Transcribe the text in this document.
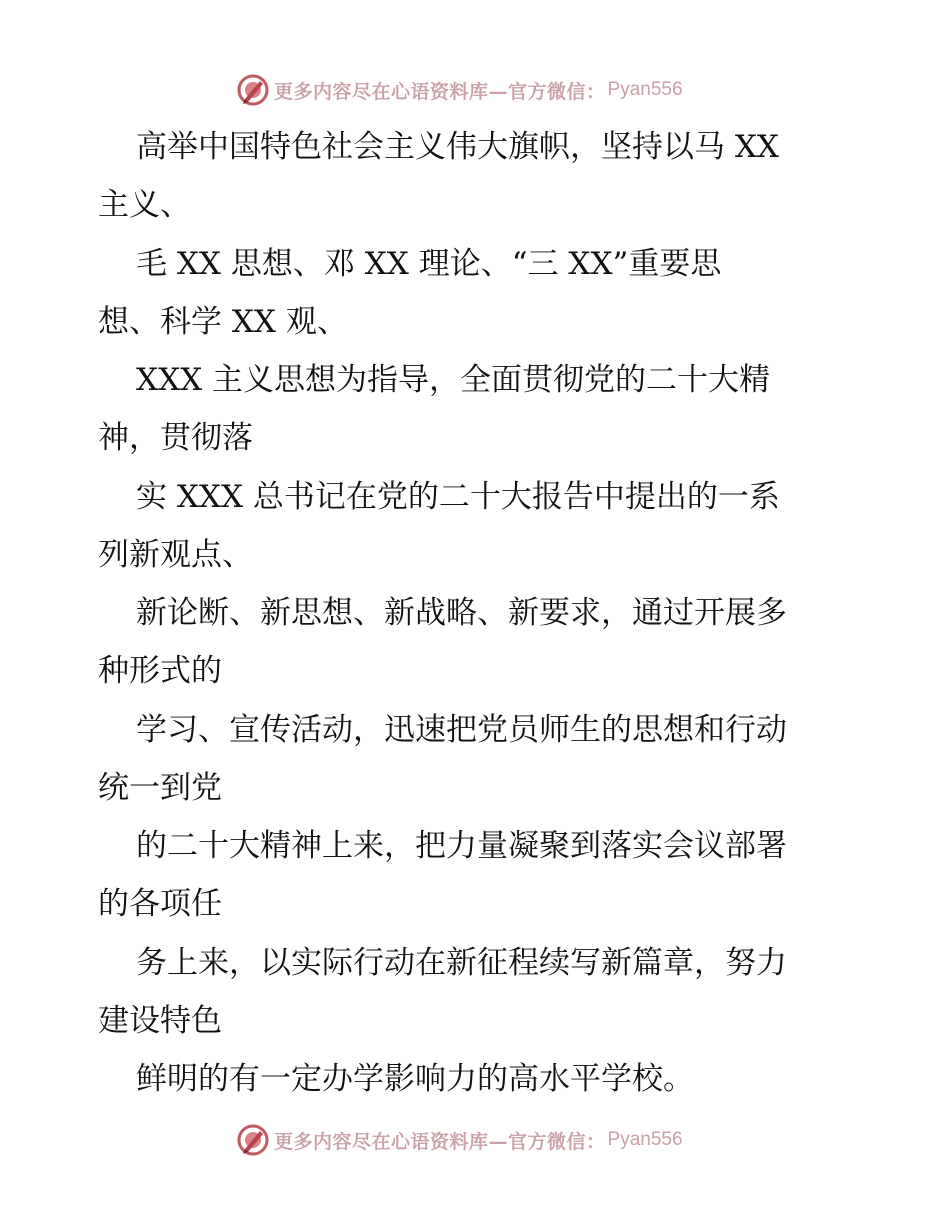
更多内容尽在心语资料库—官方微信： Pyan556
高举中国特色社会主义伟大旗帜，坚持以马 XX
主义、
毛 XX 思想、邓 XX 理论、“三 XX”重要思
想、科学 XX 观、
XXX 主义思想为指导，全面贯彻党的二十大精
神，贯彻落
实 XXX 总书记在党的二十大报告中提出的一系
列新观点、
新论断、新思想、新战略、新要求，通过开展多
种形式的
学习、宣传活动，迅速把党员师生的思想和行动
统一到党
的二十大精神上来，把力量凝聚到落实会议部署
的各项任
务上来，以实际行动在新征程续写新篇章，努力
建设特色
鲜明的有一定办学影响力的高水平学校。
更多内容尽在心语资料库—官方微信： Pyan556
